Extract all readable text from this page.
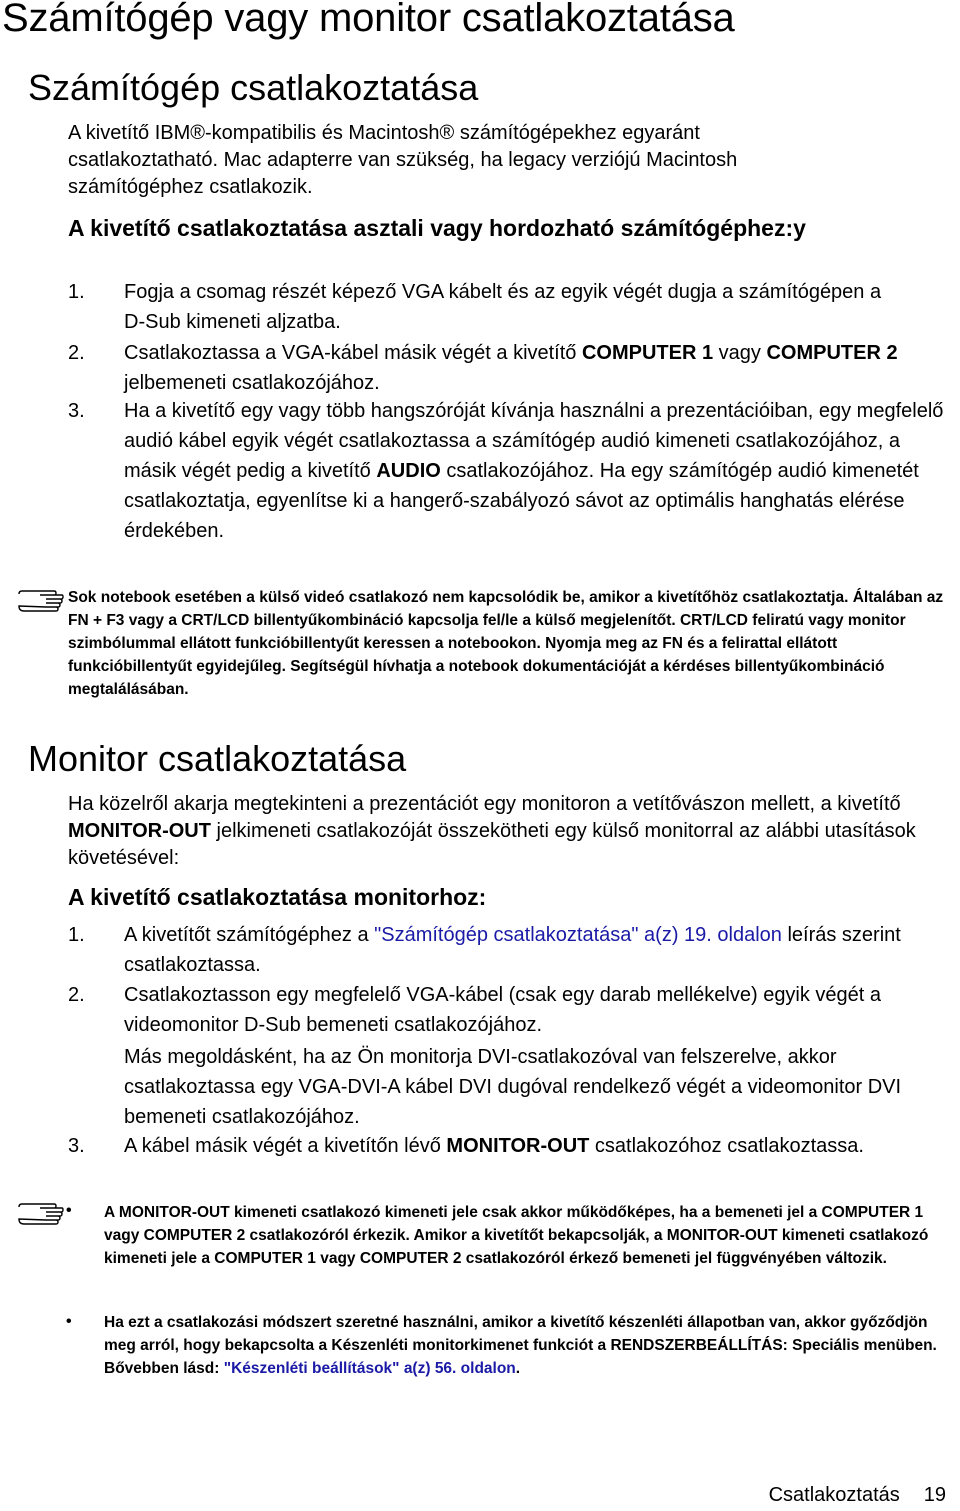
Számítógép vagy monitor csatlakoztatása
Számítógép csatlakoztatása

A kivetítő IBM®-kompatibilis és Macintosh® számítógépekhez egyaránt csatlakoztatható. Mac adapterre van szükség, ha legacy verziójú Macintosh számítógéphez csatlakozik.

A kivetítő csatlakoztatása asztali vagy hordozható számítógéphez:y
1. Fogja a csomag részét képező VGA kábelt és az egyik végét dugja a számítógépen a D-Sub kimeneti aljzatba.

2. Csatlakoztassa a VGA-kábel másik végét a kivetítő COMPUTER 1 vagy COMPUTER 2 jelbemeneti csatlakozójához.

3. Ha a kivetítő egy vagy több hangszóróját kívánja használni a prezentációiban, egy megfelelő audió kábel egyik végét csatlakoztassa a számítógép audió kimeneti csatlakozójához, a másik végét pedig a kivetítő AUDIO csatlakozójához. Ha egy számítógép audió kimenetét csatlakoztatja, egyenlítse ki a hangerő-szabályozó sávot az optimális hanghatás elérése érdekében.

Sok notebook esetében a külső videó csatlakozó nem kapcsolódik be, amikor a kivetítőhöz csatlakoztatja. Általában az FN + F3 vagy a CRT/LCD billentyűkombináció kapcsolja fel/le a külső megjelenítőt. CRT/LCD feliratú vagy monitor szimbólummal ellátott funkcióbillentyűt keressen a notebookon. Nyomja meg az FN és a felirattal ellátott funkcióbillentyűt egyidejűleg. Segítségül hívhatja a notebook dokumentációját a kérdéses billentyűkombináció megtalálásában.

Monitor csatlakoztatása

Ha közelről akarja megtekinteni a prezentációt egy monitoron a vetítővászon mellett, a kivetítő MONITOR-OUT jelkimeneti csatlakozóját összekötheti egy külső monitorral az alábbi utasítások követésével:

A kivetítő csatlakoztatása monitorhoz:
1. A kivetítőt számítógéphez a "Számítógép csatlakoztatása" a(z) 19. oldalon leírás szerint csatlakoztassa.

2. Csatlakoztasson egy megfelelő VGA-kábel (csak egy darab mellékelve) egyik végét a videomonitor D-Sub bemeneti csatlakozójához.

Más megoldásként, ha az Ön monitorja DVI-csatlakozóval van felszerelve, akkor csatlakoztassa egy VGA-DVI-A kábel DVI dugóval rendelkező végét a videomonitor DVI bemeneti csatlakozójához.

3. A kábel másik végét a kivetítőn lévő MONITOR-OUT csatlakozóhoz csatlakoztassa.

• A MONITOR-OUT kimeneti csatlakozó kimeneti jele csak akkor működőképes, ha a bemeneti jel a COMPUTER 1 vagy COMPUTER 2 csatlakozóról érkezik. Amikor a kivetítőt bekapcsolják, a MONITOR-OUT kimeneti csatlakozó kimeneti jele a COMPUTER 1 vagy COMPUTER 2 csatlakozóról érkező bemeneti jel függvényében változik.

• Ha ezt a csatlakozási módszert szeretné használni, amikor a kivetítő készenléti állapotban van, akkor győződjön meg arról, hogy bekapcsolta a Készenléti monitorkimenet funkciót a RENDSZERBEÁLLÍTÁS: Speciális menüben. Bővebben lásd: "Készenléti beállítások" a(z) 56. oldalon.

Csatlakoztatás 19
